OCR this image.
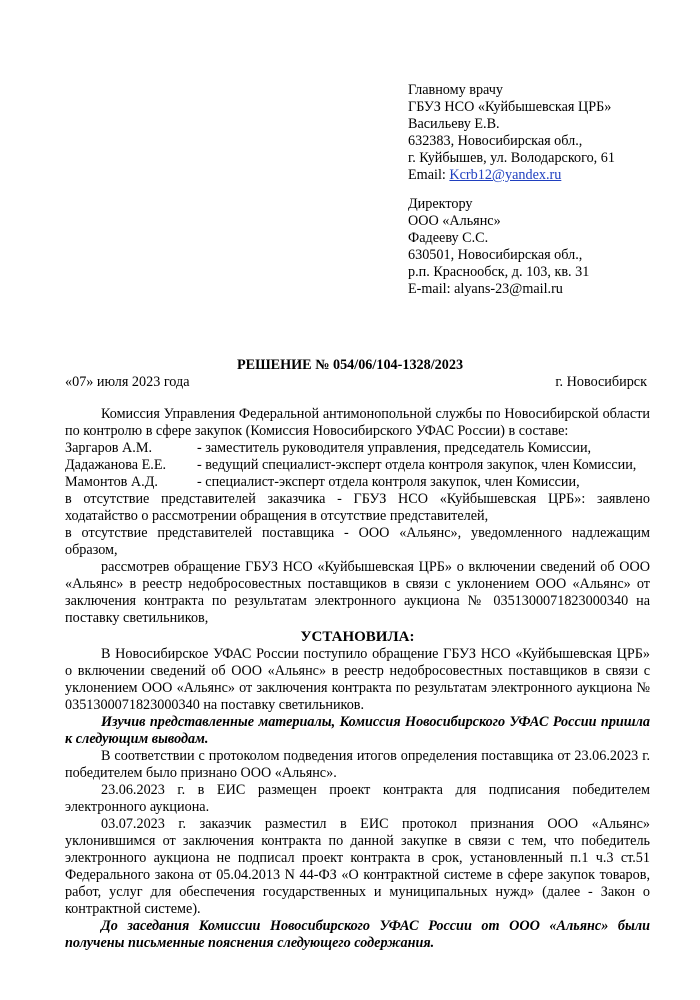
Главному врачу
ГБУЗ НСО «Куйбышевская ЦРБ»
Васильеву Е.В.
632383, Новосибирская обл.,
г. Куйбышев, ул. Володарского, 61
Email: Kcrb12@yandex.ru
Директору
ООО «Альянс»
Фадееву С.С.
630501, Новосибирская обл.,
р.п. Краснообск, д. 103, кв. 31
E-mail: alyans-23@mail.ru
РЕШЕНИЕ № 054/06/104-1328/2023
«07» июля 2023 года	г. Новосибирск

Комиссия Управления Федеральной антимонопольной службы по Новосибирской области по контролю в сфере закупок (Комиссия Новосибирского УФАС России) в составе:

Заргаров А.М.	- заместитель руководителя управления, председатель Комиссии,
Дадажанова Е.Е.	- ведущий специалист-эксперт отдела контроля закупок, член Комиссии,
Мамонтов А.Д.	- специалист-эксперт отдела контроля закупок, член Комиссии,

в отсутствие представителей заказчика - ГБУЗ НСО «Куйбышевская ЦРБ»: заявлено ходатайство о рассмотрении обращения в отсутствие представителей,

в отсутствие представителей поставщика - ООО «Альянс», уведомленного надлежащим образом,

рассмотрев обращение ГБУЗ НСО «Куйбышевская ЦРБ» о включении сведений об ООО «Альянс» в реестр недобросовестных поставщиков в связи с уклонением ООО «Альянс» от заключения контракта по результатам электронного аукциона № 0351300071823000340 на поставку светильников,

УСТАНОВИЛА:

В Новосибирское УФАС России поступило обращение ГБУЗ НСО «Куйбышевская ЦРБ» о включении сведений об ООО «Альянс» в реестр недобросовестных поставщиков в связи с уклонением ООО «Альянс» от заключения контракта по результатам электронного аукциона № 0351300071823000340 на поставку светильников.

Изучив представленные материалы, Комиссия Новосибирского УФАС России пришла к следующим выводам.

В соответствии с протоколом подведения итогов определения поставщика от 23.06.2023 г. победителем было признано ООО «Альянс».

23.06.2023 г. в ЕИС размещен проект контракта для подписания победителем электронного аукциона.

03.07.2023 г. заказчик разместил в ЕИС протокол признания ООО «Альянс» уклонившимся от заключения контракта по данной закупке в связи с тем, что победитель электронного аукциона не подписал проект контракта в срок, установленный п.1 ч.3 ст.51 Федерального закона от 05.04.2013 N 44-ФЗ «О контрактной системе в сфере закупок товаров, работ, услуг для обеспечения государственных и муниципальных нужд» (далее - Закон о контрактной системе).

До заседания Комиссии Новосибирского УФАС России от ООО «Альянс» были получены письменные пояснения следующего содержания.
